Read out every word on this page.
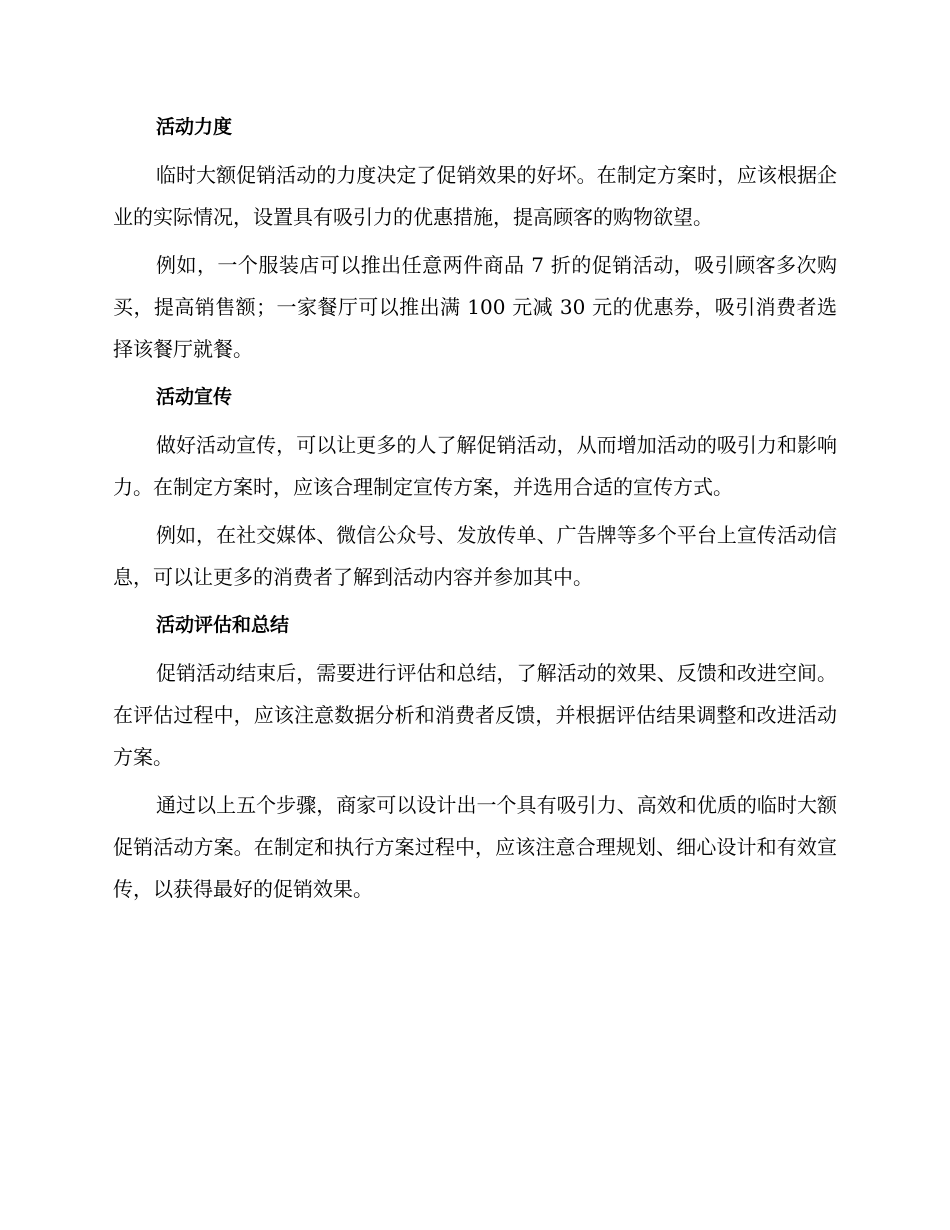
活动力度

临时大额促销活动的力度决定了促销效果的好坏。在制定方案时，应该根据企业的实际情况，设置具有吸引力的优惠措施，提高顾客的购物欲望。

例如，一个服装店可以推出任意两件商品 7 折的促销活动，吸引顾客多次购买，提高销售额；一家餐厅可以推出满 100 元减 30 元的优惠券，吸引消费者选择该餐厅就餐。

活动宣传

做好活动宣传，可以让更多的人了解促销活动，从而增加活动的吸引力和影响力。在制定方案时，应该合理制定宣传方案，并选用合适的宣传方式。

例如，在社交媒体、微信公众号、发放传单、广告牌等多个平台上宣传活动信息，可以让更多的消费者了解到活动内容并参加其中。

活动评估和总结

促销活动结束后，需要进行评估和总结，了解活动的效果、反馈和改进空间。在评估过程中，应该注意数据分析和消费者反馈，并根据评估结果调整和改进活动方案。

通过以上五个步骤，商家可以设计出一个具有吸引力、高效和优质的临时大额促销活动方案。在制定和执行方案过程中，应该注意合理规划、细心设计和有效宣传，以获得最好的促销效果。
